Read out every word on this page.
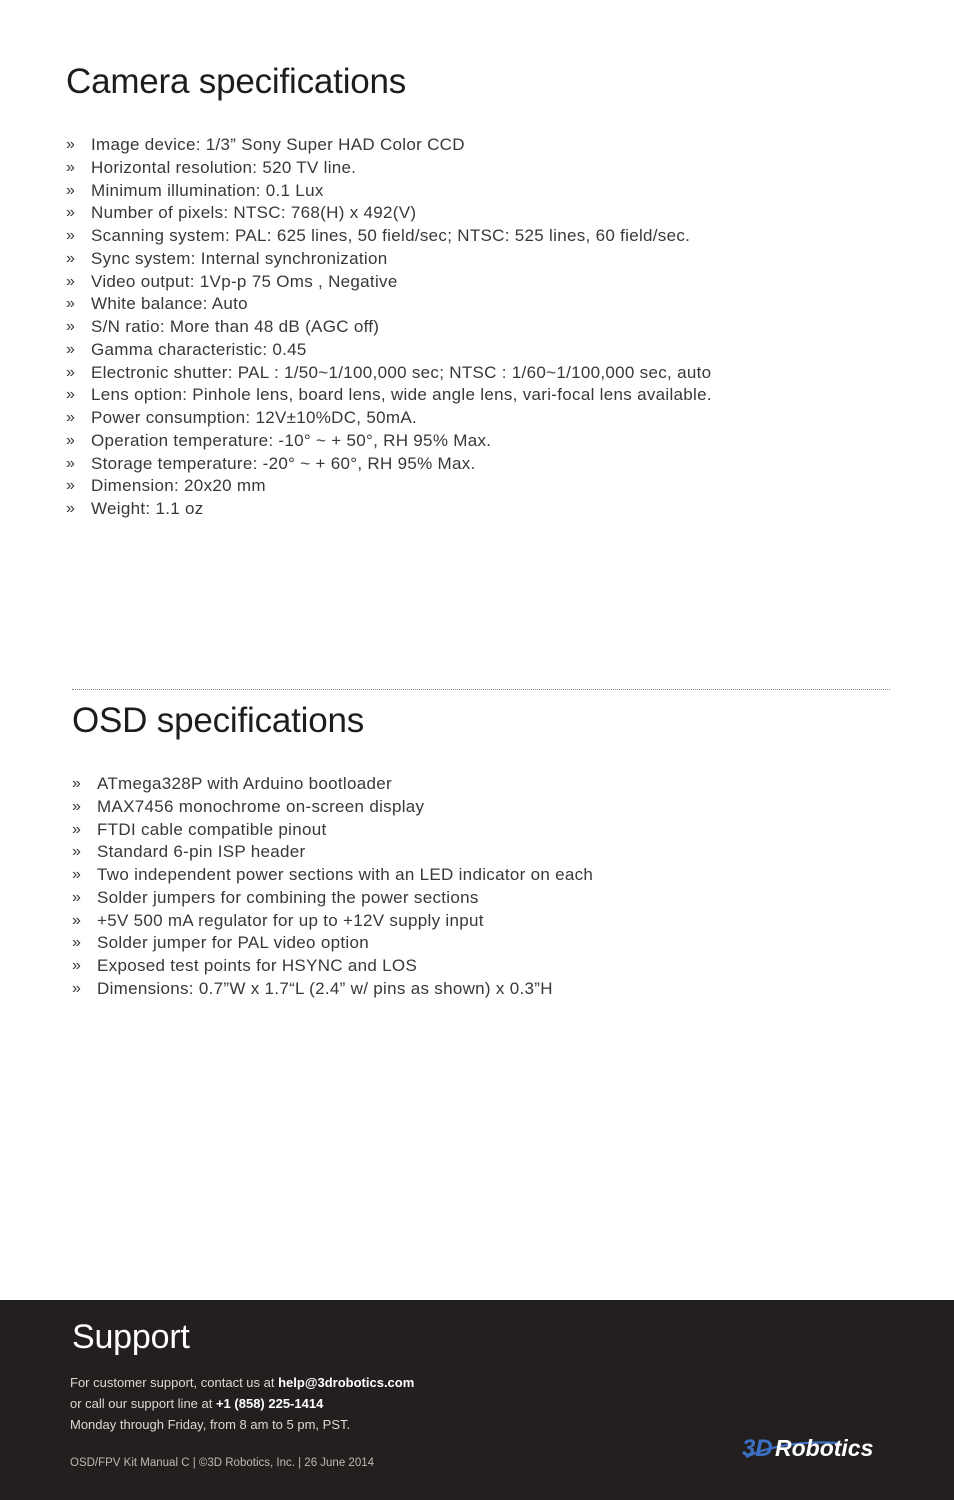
Camera specifications
» Image device: 1/3” Sony Super HAD Color CCD
» Horizontal resolution: 520 TV line.
» Minimum illumination: 0.1 Lux
» Number of pixels: NTSC: 768(H) x 492(V)
» Scanning system: PAL: 625 lines, 50 field/sec; NTSC: 525 lines, 60 field/sec.
» Sync system: Internal synchronization
» Video output: 1Vp-p 75 Oms , Negative
» White balance: Auto
» S/N ratio: More than 48 dB (AGC off)
» Gamma characteristic: 0.45
» Electronic shutter: PAL : 1/50~1/100,000 sec; NTSC : 1/60~1/100,000 sec, auto
» Lens option: Pinhole lens, board lens, wide angle lens, vari-focal lens available.
» Power consumption: 12V±10%DC, 50mA.
» Operation temperature: -10° ~ + 50°, RH 95% Max.
» Storage temperature: -20° ~ + 60°, RH 95% Max.
» Dimension: 20x20 mm
» Weight: 1.1 oz
OSD specifications
» ATmega328P with Arduino bootloader
» MAX7456 monochrome on-screen display
» FTDI cable compatible pinout
» Standard 6-pin ISP header
» Two independent power sections with an LED indicator on each
» Solder jumpers for combining the power sections
» +5V 500 mA regulator for up to +12V supply input
» Solder jumper for PAL video option
» Exposed test points for HSYNC and LOS
» Dimensions: 0.7”W x 1.7“L (2.4” w/ pins as shown) x 0.3”H
Support
For customer support, contact us at help@3drobotics.com
or call our support line at +1 (858) 225-1414
Monday through Friday, from 8 am to 5 pm, PST.
OSD/FPV Kit Manual C | ©3D Robotics, Inc. | 26 June 2014
3D Robotics
